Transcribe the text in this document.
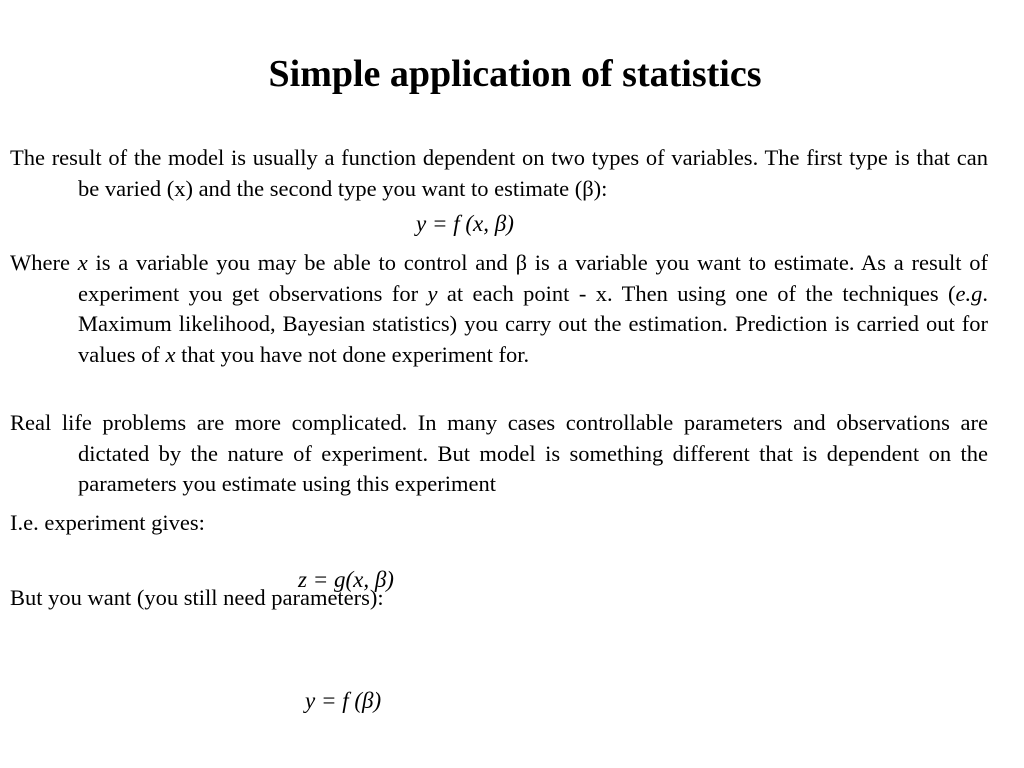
Simple application of statistics

The result of the model is usually a function dependent on two types of variables. The first type is that can be varied (x) and the second type you want to estimate (β):

y = f (x, β)

Where x is a variable you may be able to control and β is a variable you want to estimate. As a result of experiment you get observations for y at each point - x. Then using one of the techniques (e.g. Maximum likelihood, Bayesian statistics) you carry out the estimation. Prediction is carried out for values of x that you have not done experiment for.

Real life problems are more complicated. In many cases controllable parameters and observations are dictated by the nature of experiment. But model is something different that is dependent on the parameters you estimate using this experiment

I.e. experiment gives:

z = g(x, β)

But you want (you still need parameters):

y = f (β)
